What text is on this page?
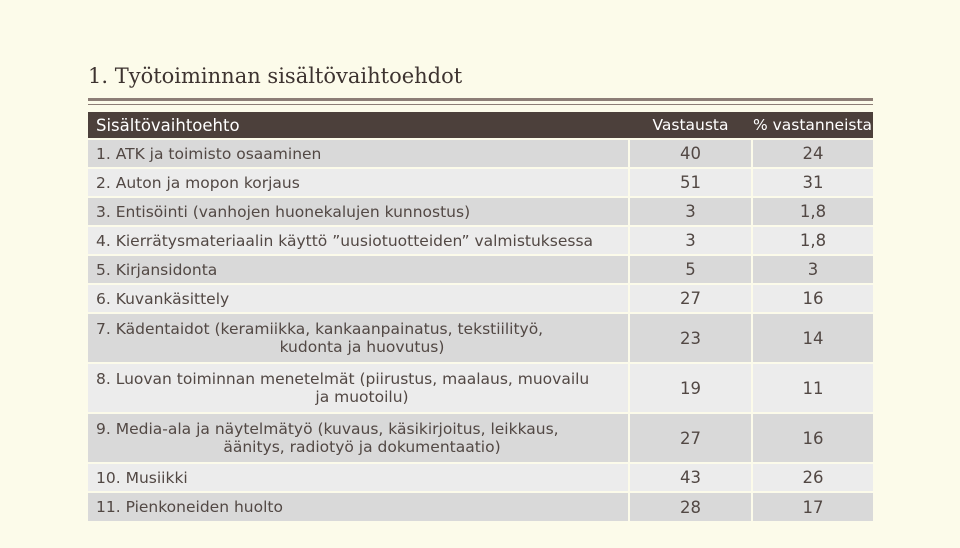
1. Työtoiminnan sisältövaihtoehdot
Sisältövaihtoehto	Vastausta	% vastanneista
1. ATK ja toimisto osaaminen	40	24
2. Auton ja mopon korjaus	51	31
3. Entisöinti (vanhojen huonekalujen kunnostus)	3	1,8
4. Kierrätysmateriaalin käyttö ”uusiotuotteiden” valmistuksessa	3	1,8
5. Kirjansidonta	5	3
6. Kuvankäsittely	27	16

7. Kädentaidot (keramiikka, kankaanpainatus, tekstiilityö,
kudonta ja huovutus)	23	14

8. Luovan toiminnan menetelmät (piirustus, maalaus, muovailu
ja muotoilu)	19	11

9. Media-ala ja näytelmätyö (kuvaus, käsikirjoitus, leikkaus,
äänitys, radiotyö ja dokumentaatio)	27	16
10. Musiikki	43	26
11. Pienkoneiden huolto	28	17
